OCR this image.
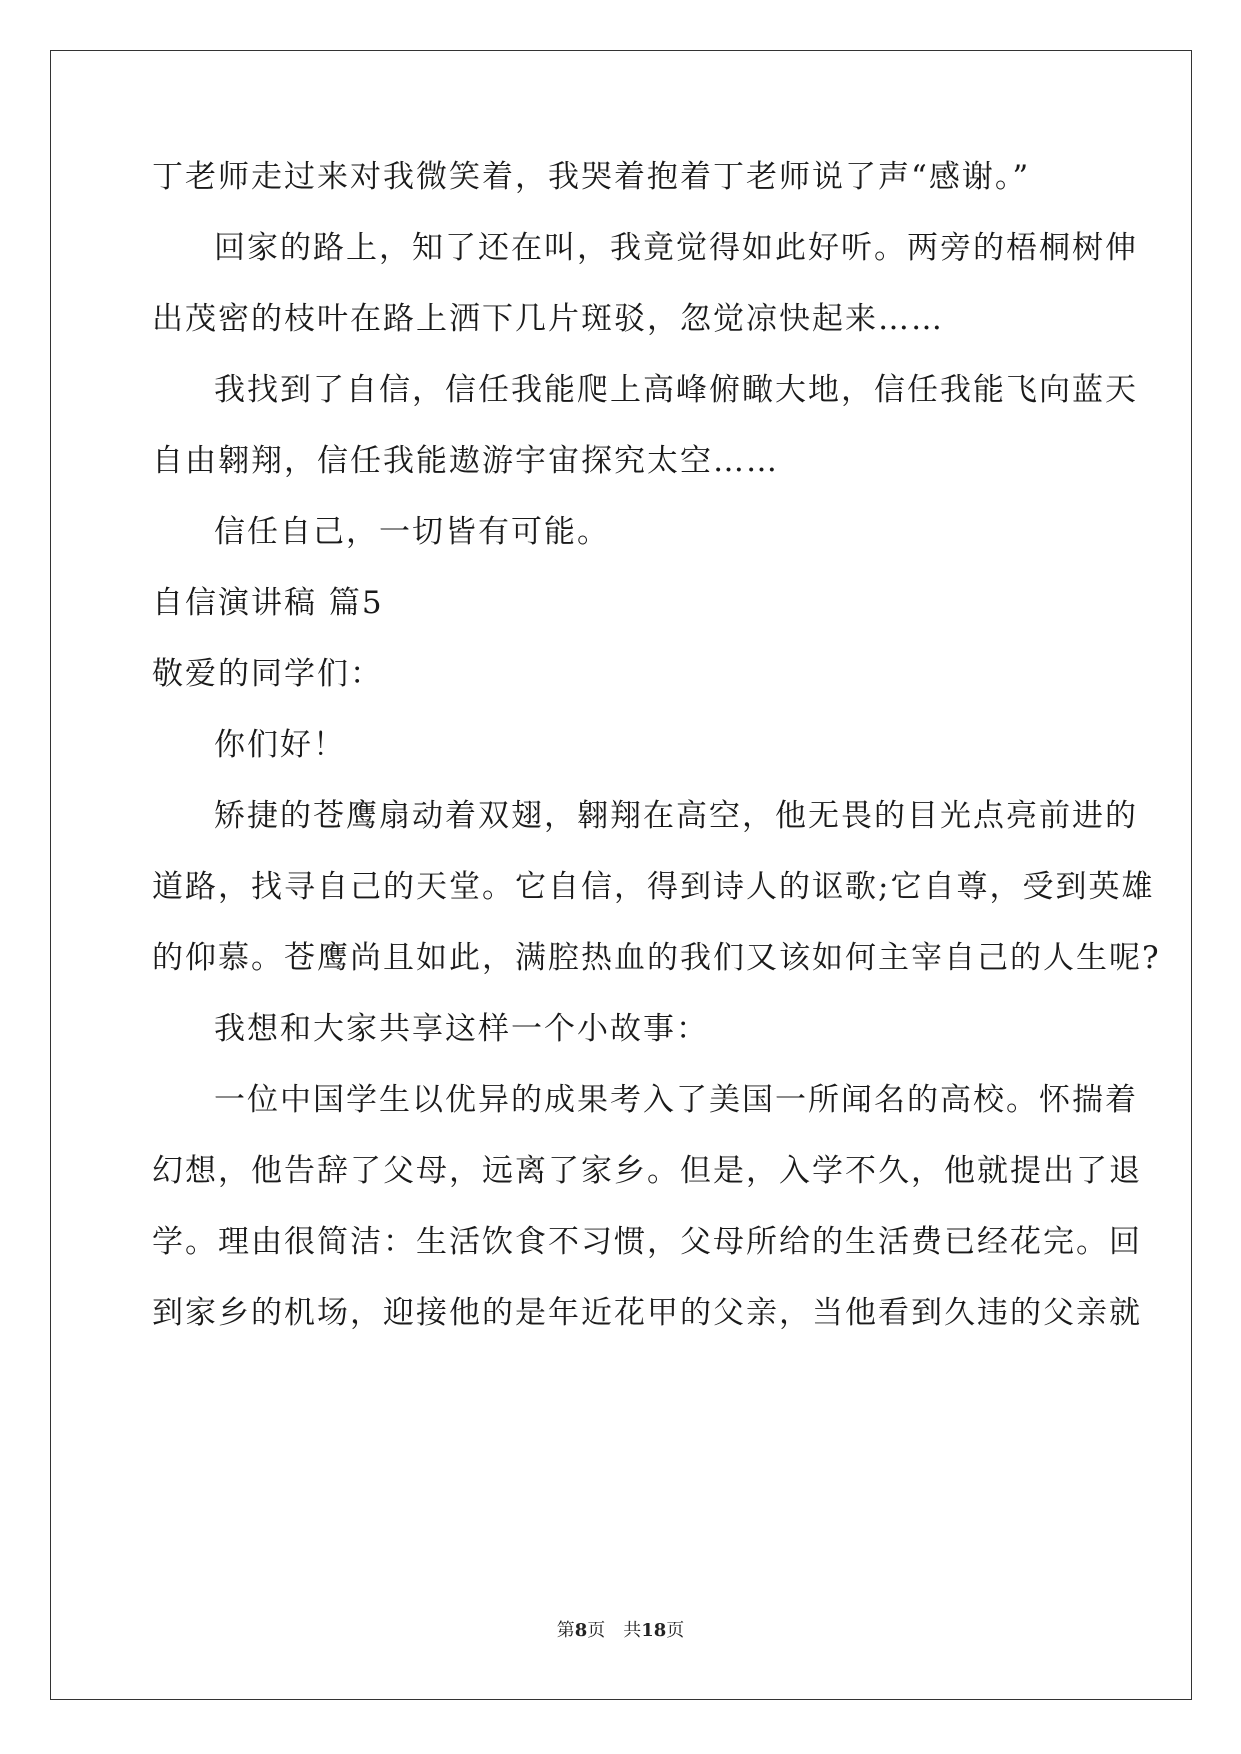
丁老师走过来对我微笑着，我哭着抱着丁老师说了声“感谢。”
回家的路上，知了还在叫，我竟觉得如此好听。两旁的梧桐树伸
出茂密的枝叶在路上洒下几片斑驳，忽觉凉快起来……
我找到了自信，信任我能爬上高峰俯瞰大地，信任我能飞向蓝天
自由翱翔，信任我能遨游宇宙探究太空……
信任自己，一切皆有可能。
自信演讲稿 篇5
敬爱的同学们：
你们好！
矫捷的苍鹰扇动着双翅，翱翔在高空，他无畏的目光点亮前进的
道路，找寻自己的天堂。它自信，得到诗人的讴歌;它自尊，受到英雄
的仰慕。苍鹰尚且如此，满腔热血的我们又该如何主宰自己的人生呢?
我想和大家共享这样一个小故事：
一位中国学生以优异的成果考入了美国一所闻名的高校。怀揣着
幻想，他告辞了父母，远离了家乡。但是，入学不久，他就提出了退
学。理由很简洁：生活饮食不习惯，父母所给的生活费已经花完。回
到家乡的机场，迎接他的是年近花甲的父亲，当他看到久违的父亲就
第8页 共18页
